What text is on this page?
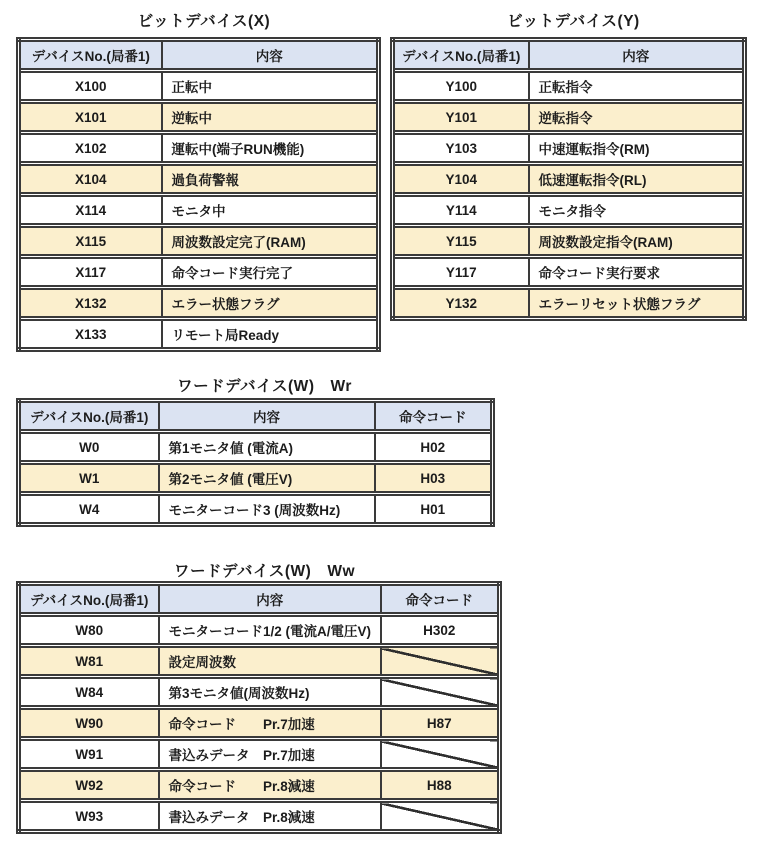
ビットデバイス(X)	ビットデバイス(Y)
デバイスNo.(局番1)	内容
X100	正転中
X101	逆転中
X102	運転中(端子RUN機能)
X104	過負荷警報
X114	モニタ中
X115	周波数設定完了(RAM)
X117	命令コード実行完了
X132	エラー状態フラグ
X133	リモート局Ready
デバイスNo.(局番1)	内容
Y100	正転指令
Y101	逆転指令
Y103	中速運転指令(RM)
Y104	低速運転指令(RL)
Y114	モニタ指令
Y115	周波数設定指令(RAM)
Y117	命令コード実行要求
Y132	エラーリセット状態フラグ
ワードデバイス(W)　Wr
デバイスNo.(局番1)	内容	命令コード
W0	第1モニタ値 (電流A)	H02
W1	第2モニタ値 (電圧V)	H03
W4	モニターコード3 (周波数Hz)	H01
ワードデバイス(W)　Ww
デバイスNo.(局番1)	内容	命令コード
W80	モニターコード1/2 (電流A/電圧V)	H302
W81	設定周波数	
W84	第3モニタ値(周波数Hz)	
W90	命令コード　　Pr.7加速	H87
W91	書込みデータ　Pr.7加速	
W92	命令コード　　Pr.8減速	H88
W93	書込みデータ　Pr.8減速	
